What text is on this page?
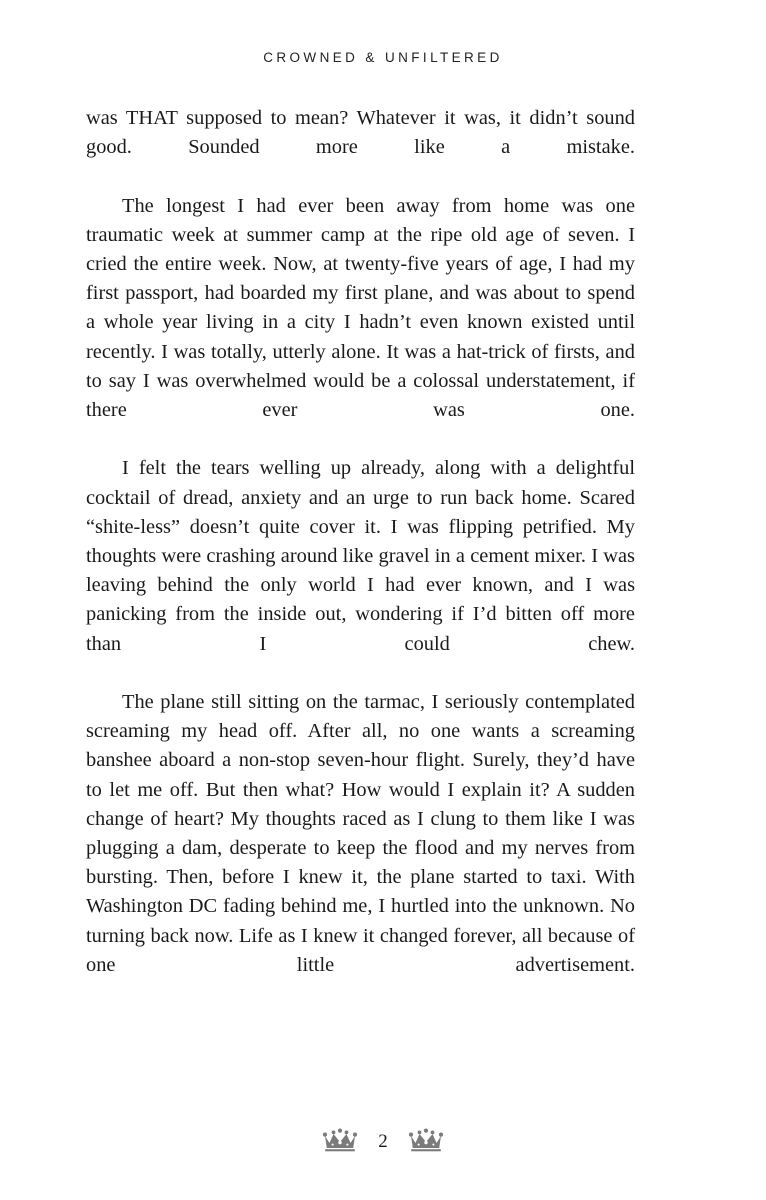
CROWNED & UNFILTERED

was THAT supposed to mean? Whatever it was, it didn’t sound good. Sounded more like a mistake.

The longest I had ever been away from home was one traumatic week at summer camp at the ripe old age of seven. I cried the entire week. Now, at twenty-five years of age, I had my first passport, had boarded my first plane, and was about to spend a whole year living in a city I hadn’t even known existed until recently. I was totally, utterly alone. It was a hat-trick of firsts, and to say I was overwhelmed would be a colossal understatement, if there ever was one.

I felt the tears welling up already, along with a delightful cocktail of dread, anxiety and an urge to run back home. Scared “shite-less” doesn’t quite cover it. I was flipping petrified. My thoughts were crashing around like gravel in a cement mixer. I was leaving behind the only world I had ever known, and I was panicking from the inside out, wondering if I’d bitten off more than I could chew.

The plane still sitting on the tarmac, I seriously contemplated screaming my head off. After all, no one wants a screaming banshee aboard a non-stop seven-hour flight. Surely, they’d have to let me off. But then what? How would I explain it? A sudden change of heart? My thoughts raced as I clung to them like I was plugging a dam, desperate to keep the flood and my nerves from bursting. Then, before I knew it, the plane started to taxi. With Washington DC fading behind me, I hurtled into the unknown. No turning back now. Life as I knew it changed forever, all because of one little advertisement.

2
